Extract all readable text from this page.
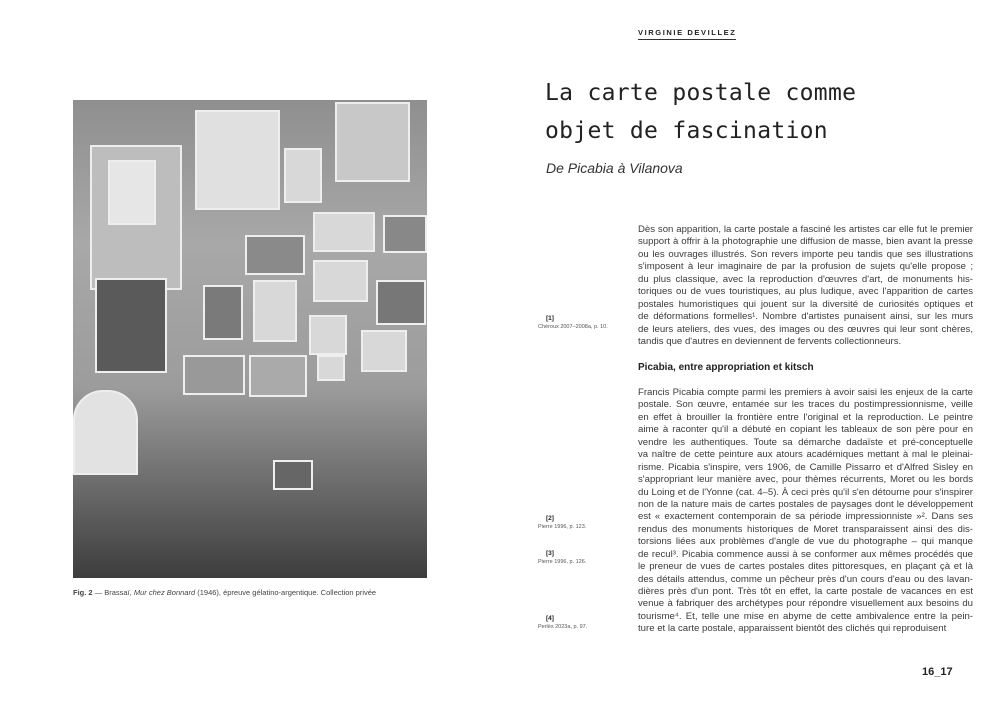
VIRGINIE DEVILLEZ
La carte postale comme
objet de fascination
De Picabia à Vilanova
Dès son apparition, la carte postale a fasciné les artistes car elle fut le premier
support à offrir à la photographie une diffusion de masse, bien avant la presse
ou les ouvrages illustrés. Son revers importe peu tandis que ses illustrations
s'imposent à leur imaginaire de par la profusion de sujets qu'elle propose ;
du plus classique, avec la reproduction d'œuvres d'art, de monuments his-
toriques ou de vues touristiques, au plus ludique, avec l'apparition de cartes
postales humoristiques qui jouent sur la diversité de curiosités optiques et
de déformations formelles¹. Nombre d'artistes punaisent ainsi, sur les murs
de leurs ateliers, des vues, des images ou des œuvres qui leur sont chères,
tandis que d'autres en deviennent de fervents collectionneurs.
Picabia, entre appropriation et kitsch
Francis Picabia compte parmi les premiers à avoir saisi les enjeux de la carte
postale. Son œuvre, entamée sur les traces du postimpressionnisme, veille
en effet à brouiller la frontière entre l'original et la reproduction. Le peintre
aime à raconter qu'il a débuté en copiant les tableaux de son père pour en
vendre les authentiques. Toute sa démarche dadaïste et pré-conceptuelle
va naître de cette peinture aux atours académiques mettant à mal le pleinai-
risme. Picabia s'inspire, vers 1906, de Camille Pissarro et d'Alfred Sisley en
s'appropriant leur manière avec, pour thèmes récurrents, Moret ou les bords
du Loing et de l'Yonne (cat. 4–5). À ceci près qu'il s'en détourne pour s'inspirer
non de la nature mais de cartes postales de paysages dont le développement
est « exactement contemporain de sa période impressionniste »². Dans ses
rendus des monuments historiques de Moret transparaissent ainsi des dis-
torsions liées aux problèmes d'angle de vue du photographe – qui manque
de recul³. Picabia commence aussi à se conformer aux mêmes procédés que
le preneur de vues de cartes postales dites pittoresques, en plaçant çà et là
des détails attendus, comme un pêcheur près d'un cours d'eau ou des lavan-
dières près d'un pont. Très tôt en effet, la carte postale de vacances en est
venue à fabriquer des archétypes pour répondre visuellement aux besoins du
tourisme⁴. Et, telle une mise en abyme de cette ambivalence entre la pein-
ture et la carte postale, apparaissent bientôt des clichés qui reproduisent
[1]
Chéroux 2007–2008a, p. 10.
[2]
Pierre 1996, p. 123.
[3]
Pierre 1996, p. 126.
[4]
Perlès 2023a, p. 97.
Fig. 2 — Brassaï, Mur chez Bonnard (1946), épreuve gélatino-argentique. Collection privée
16_17
